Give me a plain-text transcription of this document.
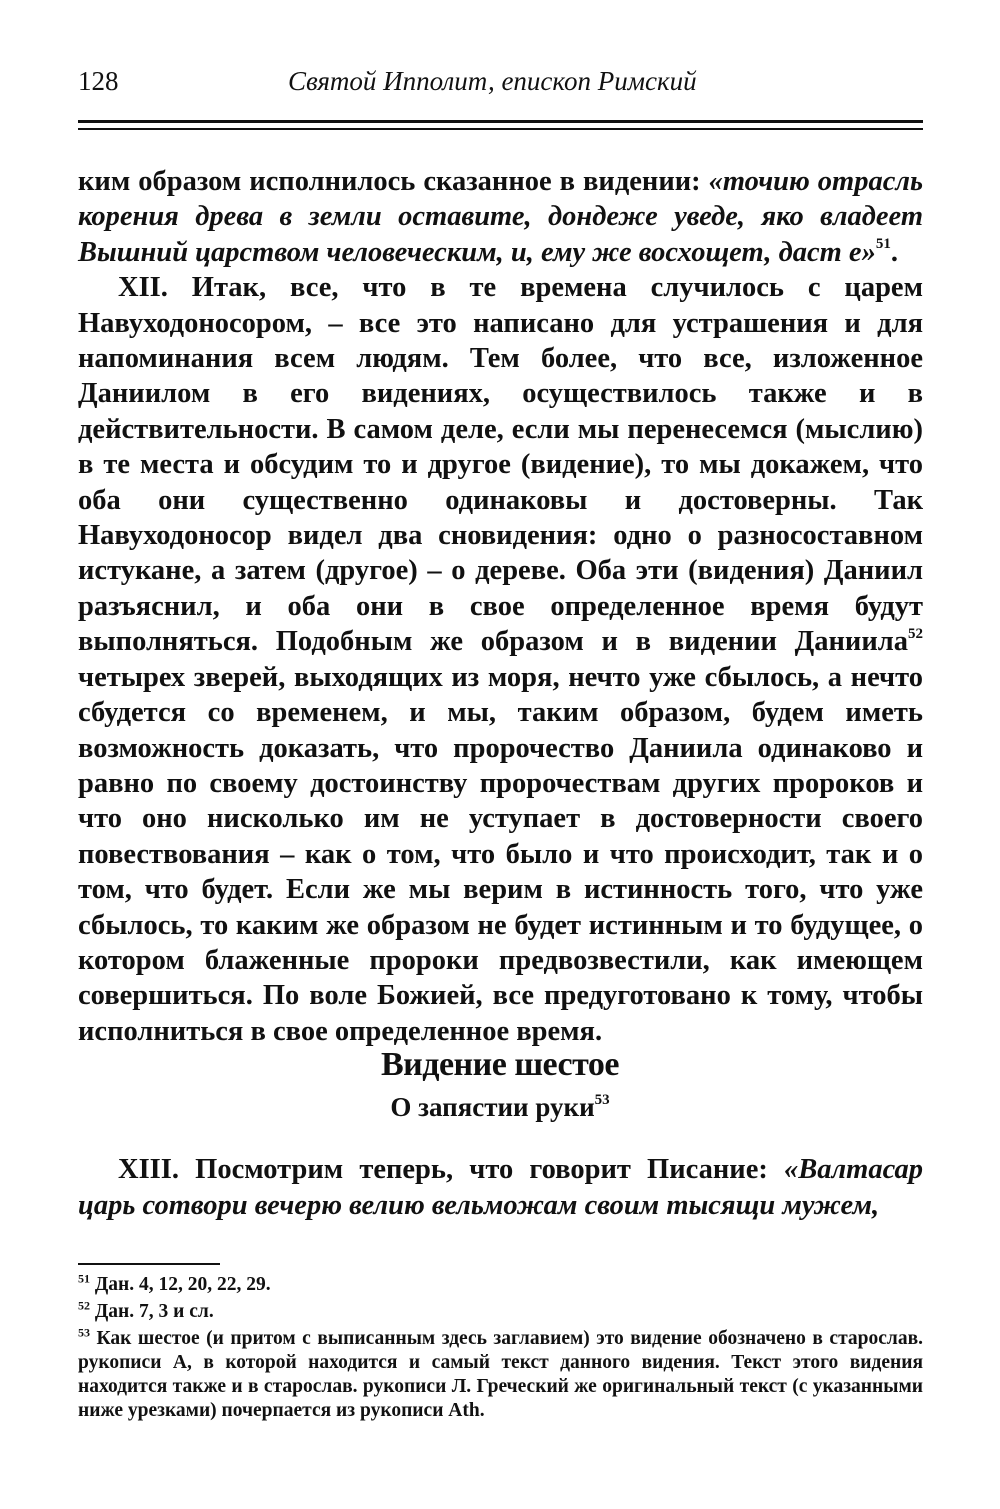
128	Святой Ипполит, епископ Римский

ким образом исполнилось сказанное в видении: «точию отрасль корения древа в земли оставите, дондеже уведе, яко владеет Вышний царством человеческим, и, ему же восхощет, даст е»$^{51}$.

XII. Итак, все, что в те времена случилось с царем Навуходоносором, – все это написано для устрашения и для напоминания всем людям. Тем более, что все, изложенное Даниилом в его видениях, осуществилось также и в действительности. В самом деле, если мы перенесемся (мыслию) в те места и обсудим то и другое (видение), то мы докажем, что оба они существенно одинаковы и достоверны. Так Навуходоносор видел два сновидения: одно о разносоставном истукане, а затем (другое) – о дереве. Оба эти (видения) Даниил разъяснил, и оба они в свое определенное время будут выполняться. Подобным же образом и в видении Даниила$^{52}$ четырех зверей, выходящих из моря, нечто уже сбылось, а нечто сбудется со временем, и мы, таким образом, будем иметь возможность доказать, что пророчество Даниила одинаково и равно по своему достоинству пророчествам других пророков и что оно нисколько им не уступает в достоверности своего повествования – как о том, что было и что происходит, так и о том, что будет. Если же мы верим в истинность того, что уже сбылось, то каким же образом не будет истинным и то будущее, о котором блаженные пророки предвозвестили, как имеющем совершиться. По воле Божией, все предуготовано к тому, чтобы исполниться в свое определенное время.

Видение шестое
О запястии руки$^{53}$

XIII. Посмотрим теперь, что говорит Писание: «Валтасар царь сотвори вечерю велию вельможам своим тысящи мужем,

$^{51}$ Дан. 4, 12, 20, 22, 29.

$^{52}$ Дан. 7, 3 и сл.

$^{53}$ Как шестое (и притом с выписанным здесь заглавием) это видение обозначено в старослав. рукописи А, в которой находится и самый текст данного видения. Текст этого видения находится также и в старослав. рукописи Л. Греческий же оригинальный текст (с указанными ниже урезками) почерпается из рукописи Ath.
